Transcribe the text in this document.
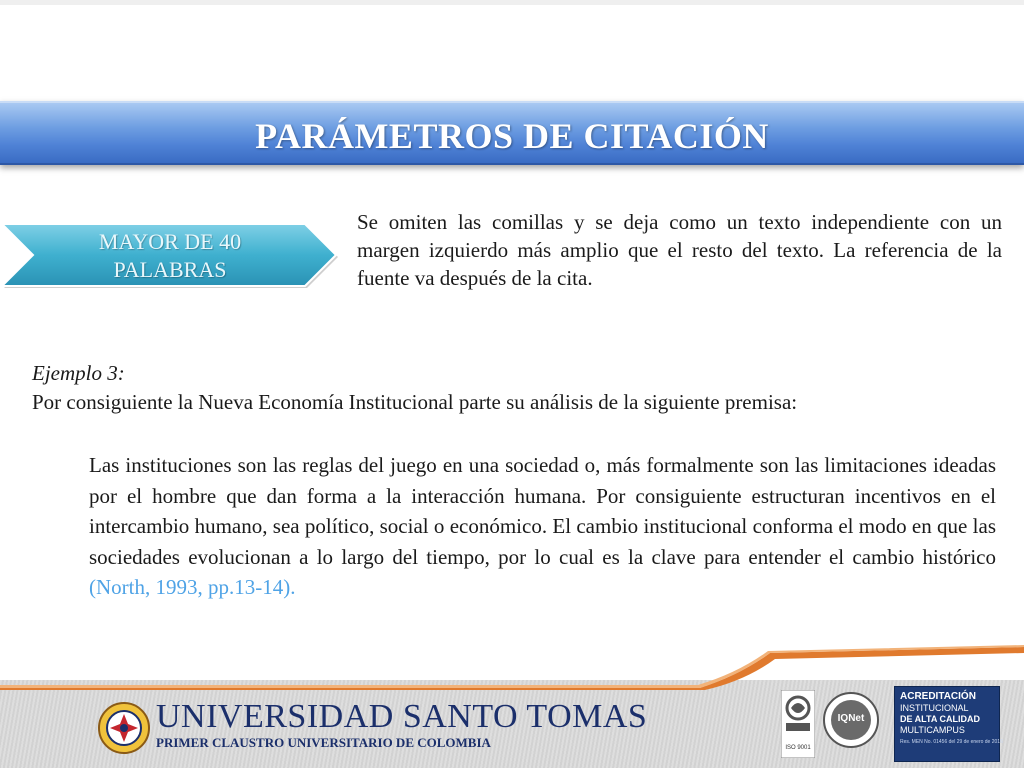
PARÁMETROS DE CITACIÓN
MAYOR DE 40 PALABRAS
Se omiten las comillas y se deja como un texto independiente con un margen izquierdo más amplio que el resto del texto. La referencia de la fuente va después de la cita.
Ejemplo 3:
Por consiguiente la Nueva Economía Institucional parte su análisis de la siguiente premisa:
Las instituciones son las reglas del juego en una sociedad o, más formalmente son las limitaciones ideadas por el hombre que dan forma a la interacción humana. Por consiguiente estructuran incentivos en el intercambio humano, sea político, social o económico. El cambio institucional conforma el modo en que las sociedades evolucionan a lo largo del tiempo, por lo cual es la clave para entender el cambio histórico (North, 1993, pp.13-14).
UNIVERSIDAD SANTO TOMAS
PRIMER CLAUSTRO UNIVERSITARIO DE COLOMBIA	ISO 9001
IQNet
ACREDITACIÓN
INSTITUCIONAL
DE ALTA CALIDAD
MULTICAMPUS
Res. MEN No. 01456 del 29 de enero de 2016
